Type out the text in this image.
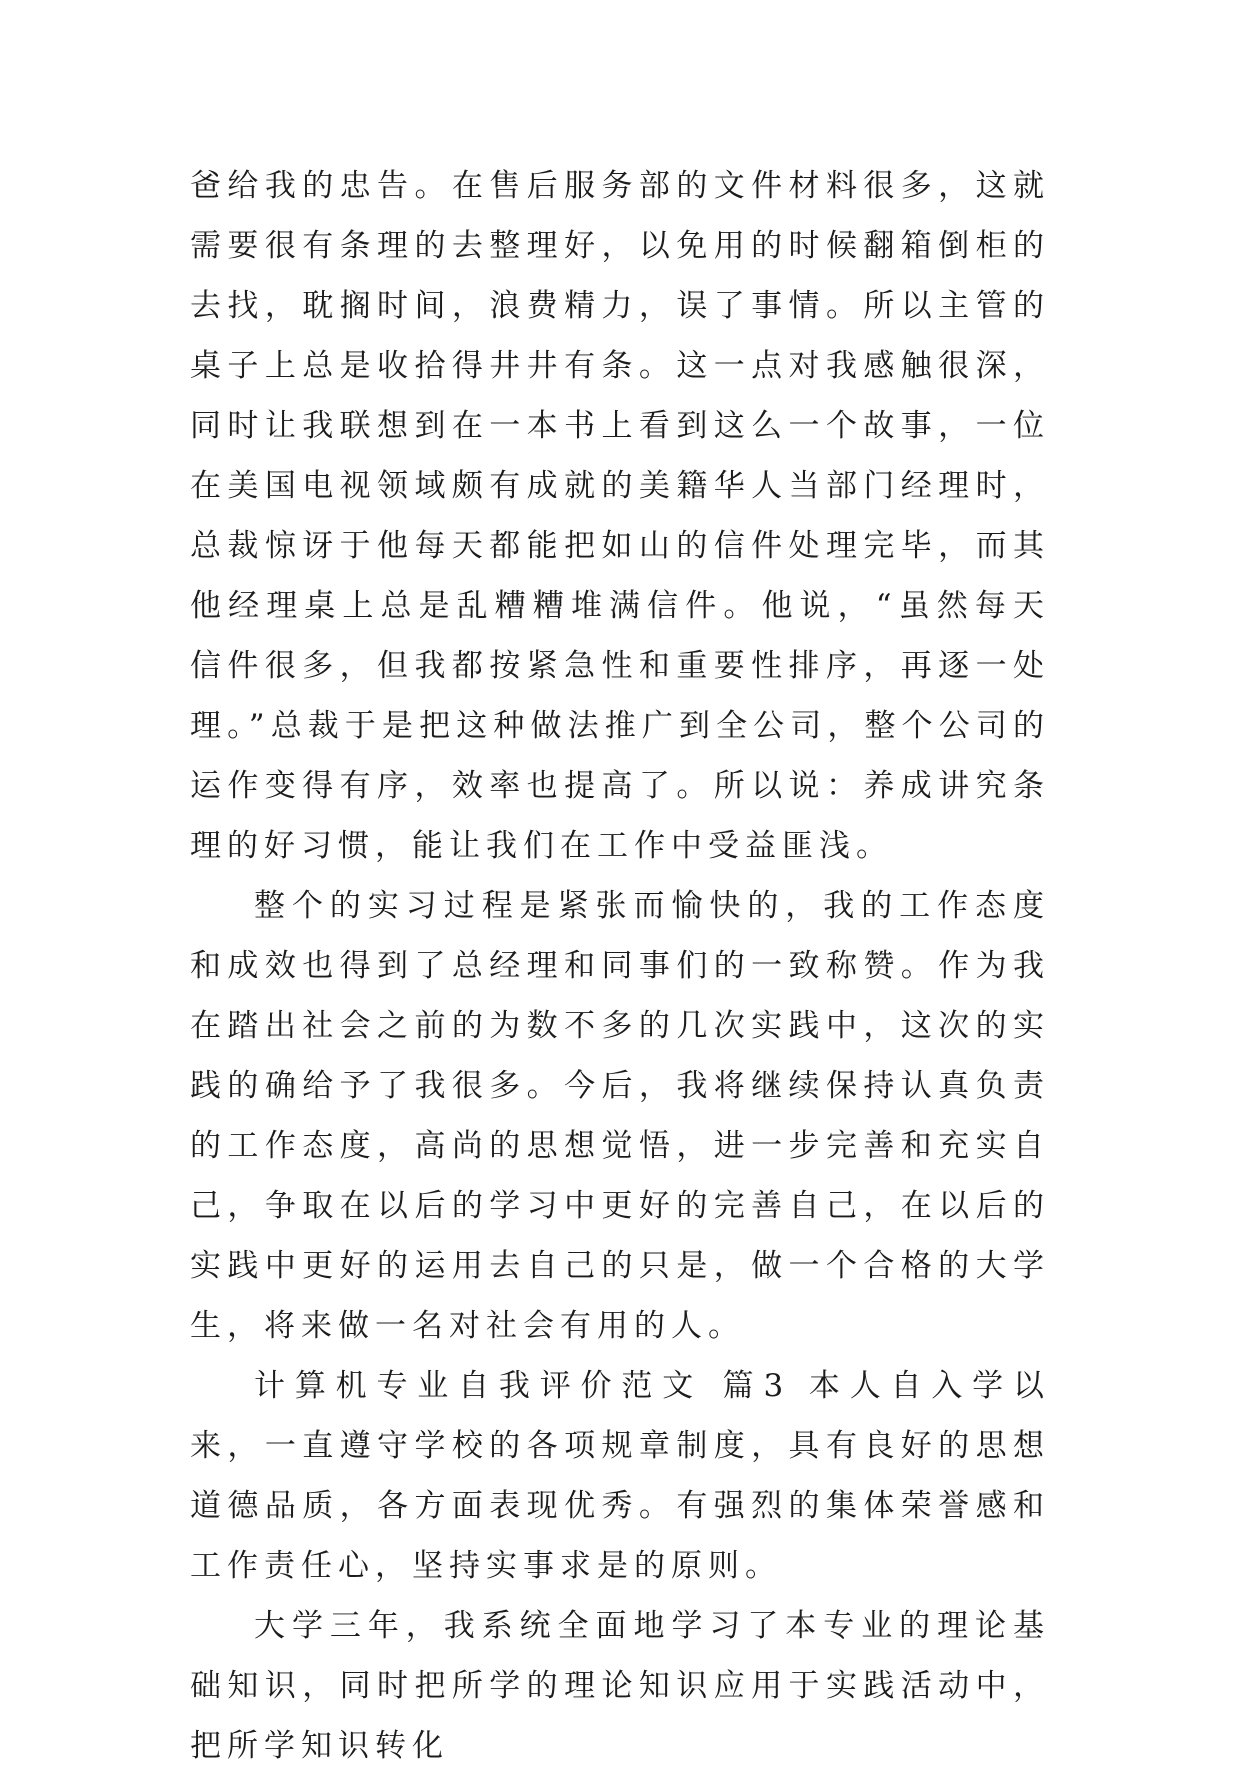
爸给我的忠告。在售后服务部的文件材料很多，这就需要很有条理的去整理好，以免用的时候翻箱倒柜的去找，耽搁时间，浪费精力，误了事情。所以主管的桌子上总是收拾得井井有条。这一点对我感触很深，同时让我联想到在一本书上看到这么一个故事，一位在美国电视领域颇有成就的美籍华人当部门经理时，总裁惊讶于他每天都能把如山的信件处理完毕，而其他经理桌上总是乱糟糟堆满信件。他说，“虽然每天信件很多，但我都按紧急性和重要性排序，再逐一处理。”总裁于是把这种做法推广到全公司，整个公司的运作变得有序，效率也提高了。所以说：养成讲究条理的好习惯，能让我们在工作中受益匪浅。

整个的实习过程是紧张而愉快的，我的工作态度和成效也得到了总经理和同事们的一致称赞。作为我在踏出社会之前的为数不多的几次实践中，这次的实践的确给予了我很多。今后，我将继续保持认真负责的工作态度，高尚的思想觉悟，进一步完善和充实自己，争取在以后的学习中更好的完善自己，在以后的实践中更好的运用去自己的只是，做一个合格的大学生，将来做一名对社会有用的人。

计算机专业自我评价范文 篇3 本人自入学以来，一直遵守学校的各项规章制度，具有良好的思想道德品质，各方面表现优秀。有强烈的集体荣誉感和工作责任心，坚持实事求是的原则。

大学三年，我系统全面地学习了本专业的理论基础知识，同时把所学的理论知识应用于实践活动中，把所学知识转化
